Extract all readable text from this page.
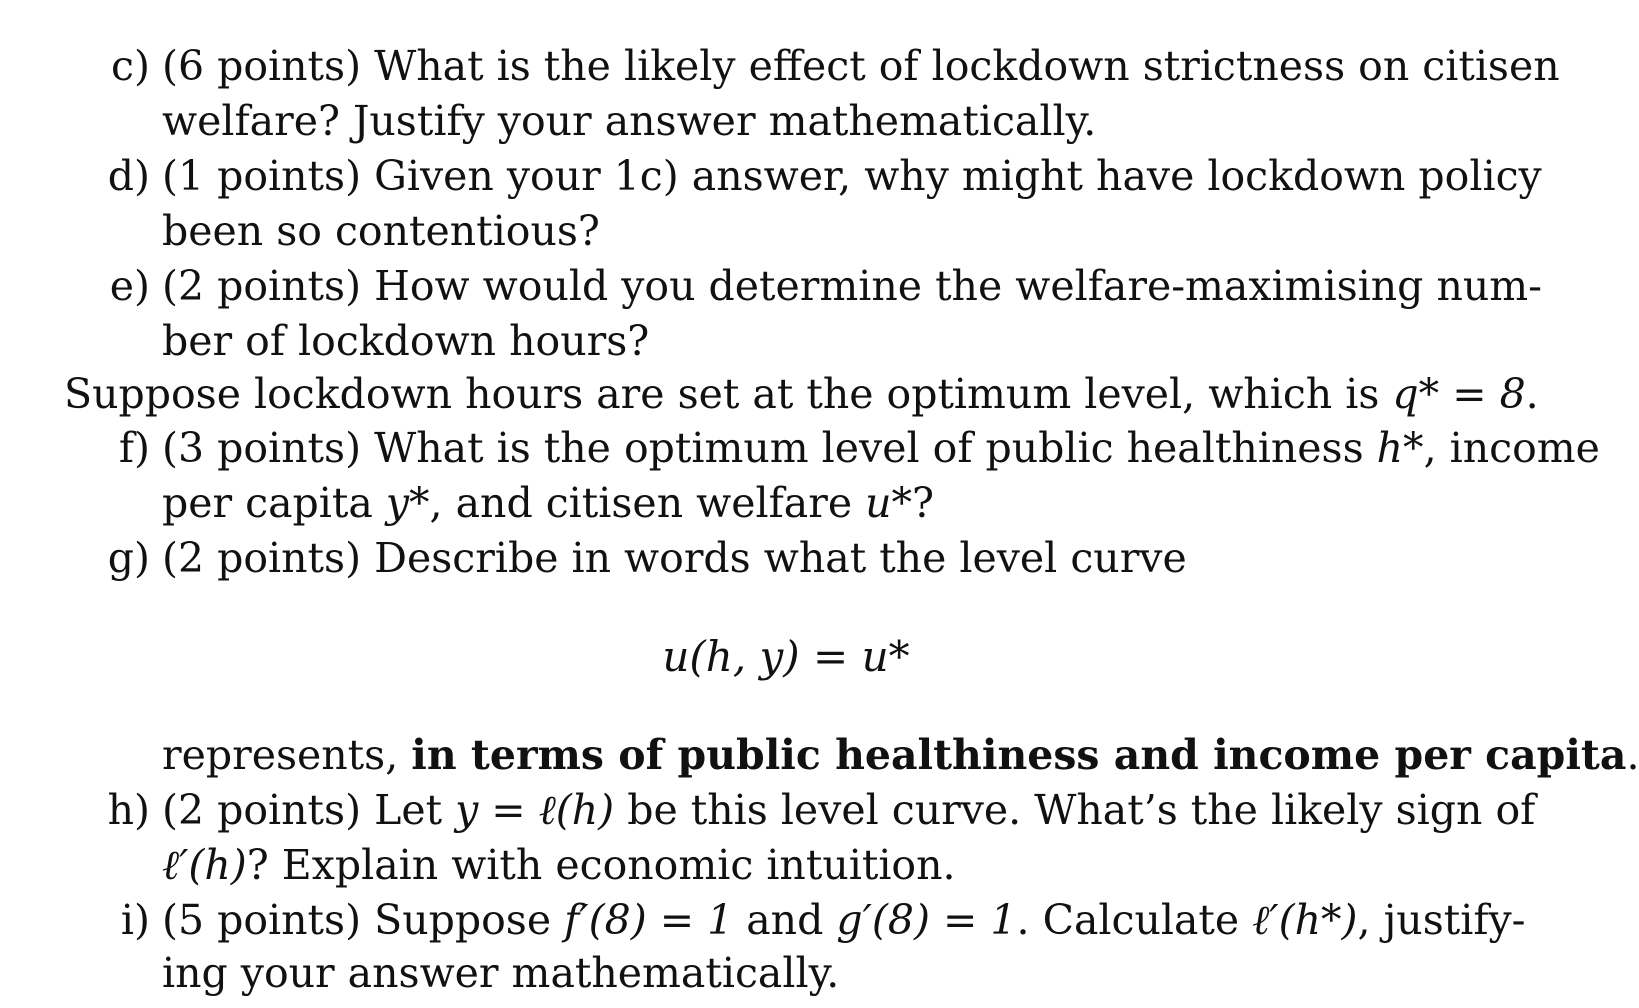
c) (6 points) What is the likely effect of lockdown strictness on citisen
welfare? Justify your answer mathematically.
d) (1 points) Given your 1c) answer, why might have lockdown policy
been so contentious?
e) (2 points) How would you determine the welfare-maximising num-
ber of lockdown hours?
Suppose lockdown hours are set at the optimum level, which is q* = 8.
f) (3 points) What is the optimum level of public healthiness h*, income
per capita y*, and citisen welfare u*?
g) (2 points) Describe in words what the level curve
u(h, y) = u*
represents, in terms of public healthiness and income per capita.
h) (2 points) Let y = ℓ(h) be this level curve. What’s the likely sign of
ℓ′(h)? Explain with economic intuition.
i) (5 points) Suppose f′(8) = 1 and g′(8) = 1. Calculate ℓ′(h*), justify-
ing your answer mathematically.
